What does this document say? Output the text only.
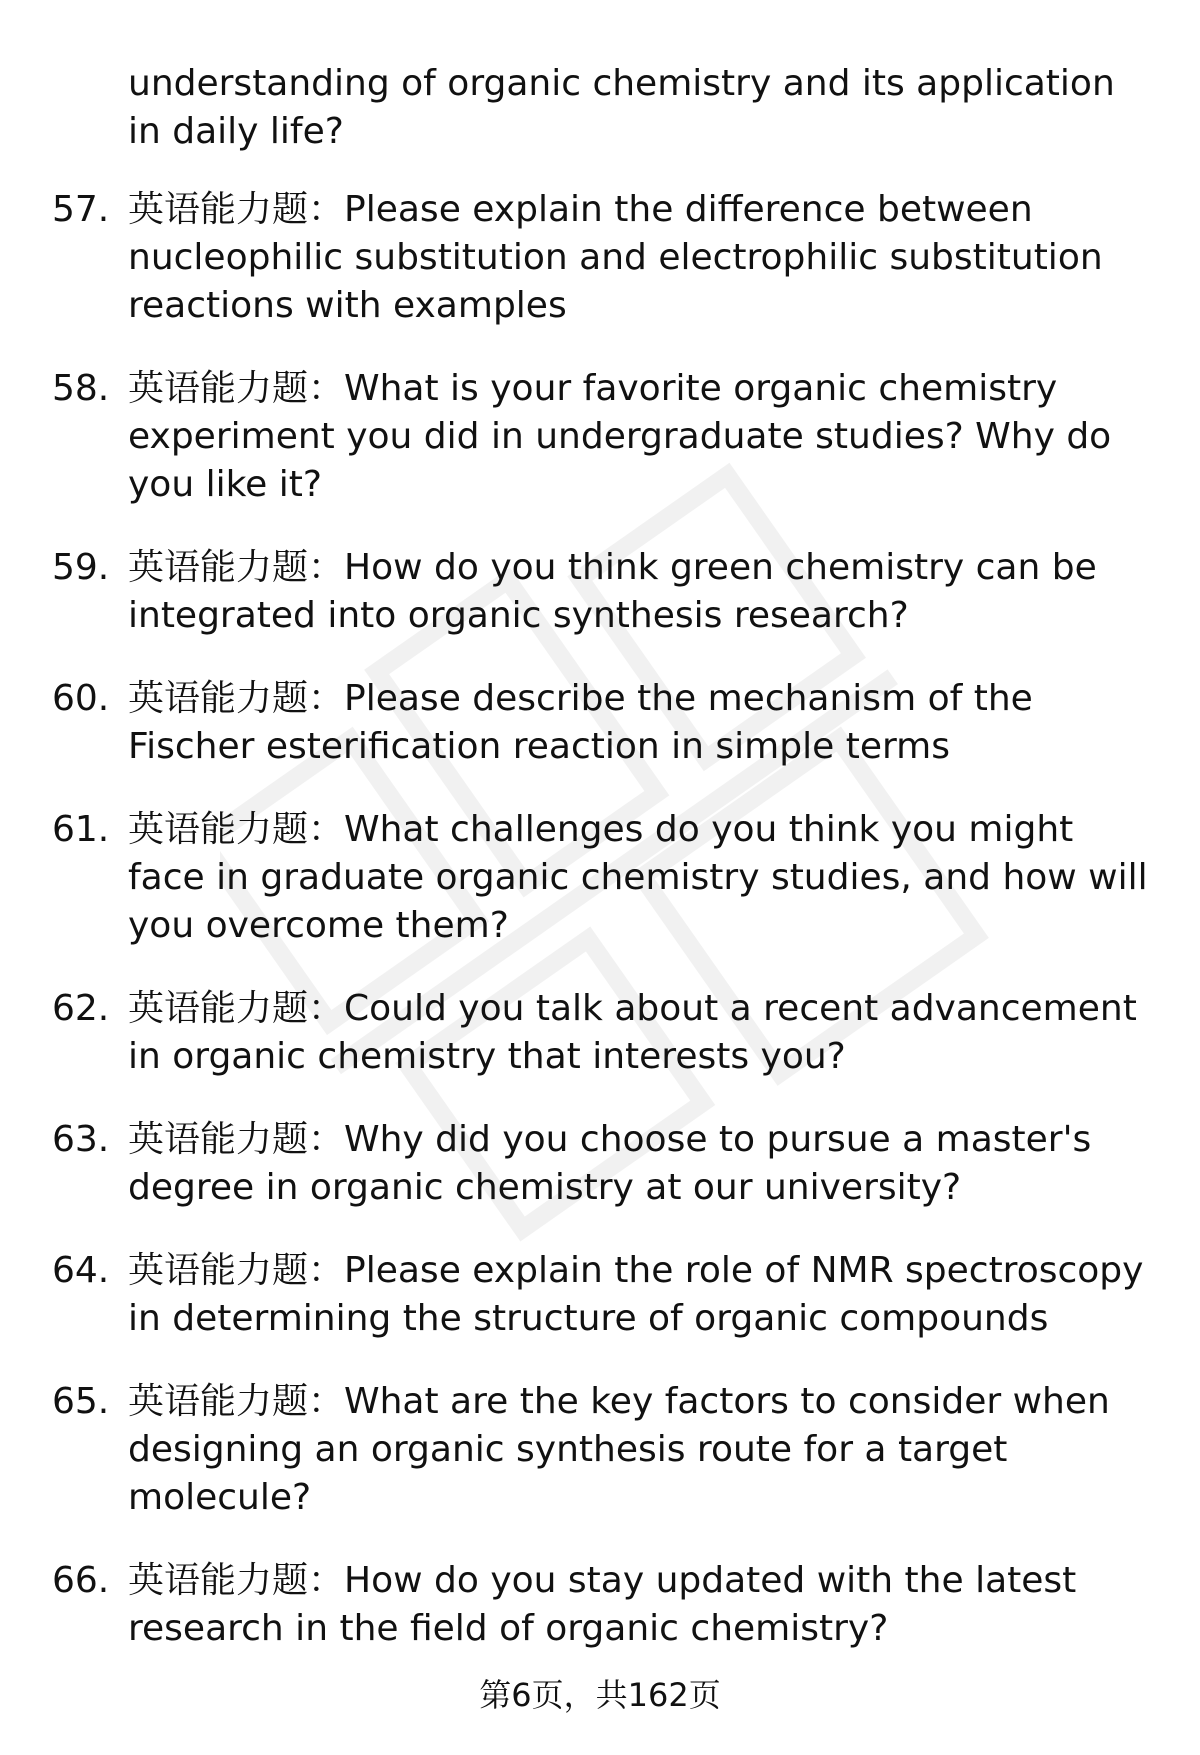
understanding of organic chemistry and its application in daily life?
57. 英语能力题：Please explain the difference between nucleophilic substitution and electrophilic substitution reactions with examples
58. 英语能力题：What is your favorite organic chemistry experiment you did in undergraduate studies? Why do you like it?
59. 英语能力题：How do you think green chemistry can be integrated into organic synthesis research?
60. 英语能力题：Please describe the mechanism of the Fischer esterification reaction in simple terms
61. 英语能力题：What challenges do you think you might face in graduate organic chemistry studies, and how will you overcome them?
62. 英语能力题：Could you talk about a recent advancement in organic chemistry that interests you?
63. 英语能力题：Why did you choose to pursue a master's degree in organic chemistry at our university?
64. 英语能力题：Please explain the role of NMR spectroscopy in determining the structure of organic compounds
65. 英语能力题：What are the key factors to consider when designing an organic synthesis route for a target molecule?
66. 英语能力题：How do you stay updated with the latest research in the field of organic chemistry?
第6页，共162页
